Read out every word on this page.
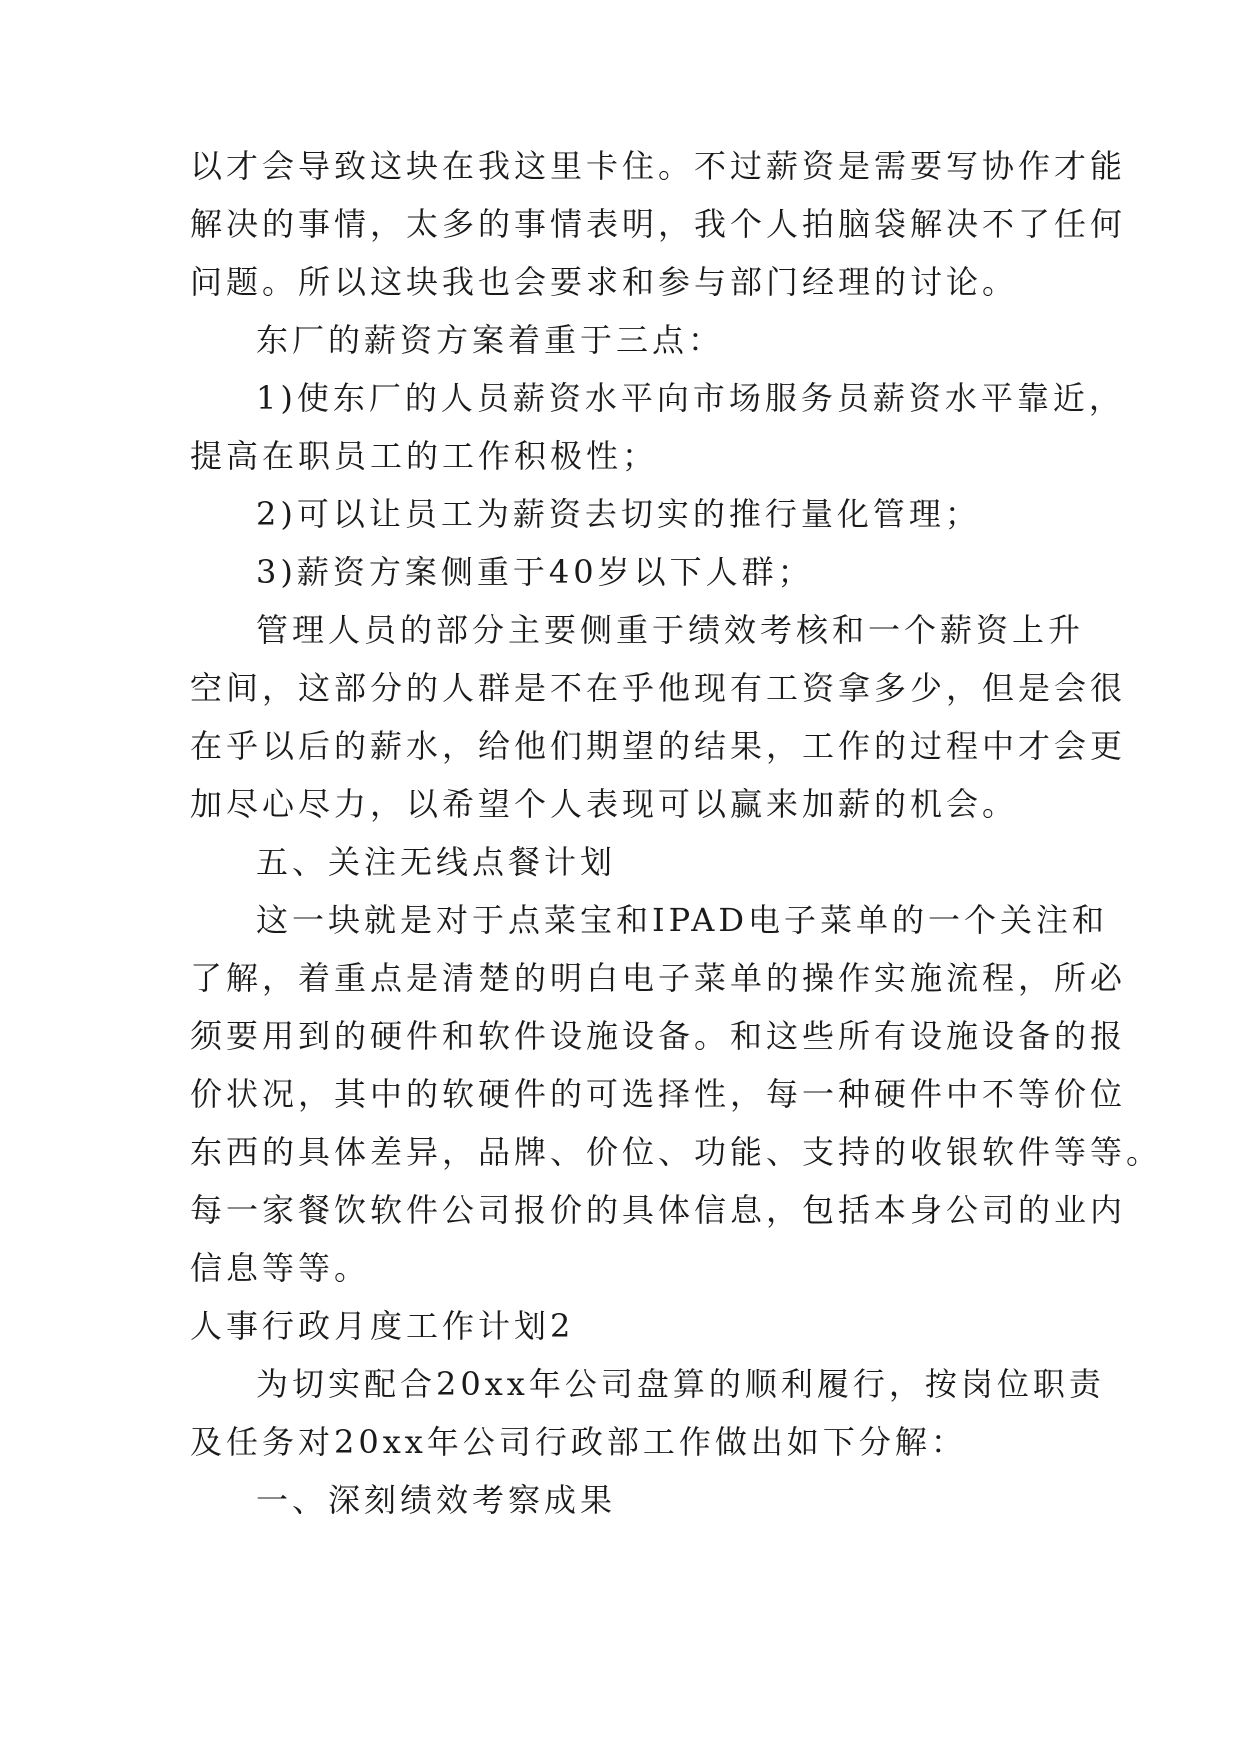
以才会导致这块在我这里卡住。不过薪资是需要写协作才能
解决的事情，太多的事情表明，我个人拍脑袋解决不了任何
问题。所以这块我也会要求和参与部门经理的讨论。
东厂的薪资方案着重于三点：
1)使东厂的人员薪资水平向市场服务员薪资水平靠近，
提高在职员工的工作积极性；
2)可以让员工为薪资去切实的推行量化管理；
3)薪资方案侧重于40岁以下人群；
管理人员的部分主要侧重于绩效考核和一个薪资上升
空间，这部分的人群是不在乎他现有工资拿多少，但是会很
在乎以后的薪水，给他们期望的结果，工作的过程中才会更
加尽心尽力，以希望个人表现可以赢来加薪的机会。
五、关注无线点餐计划
这一块就是对于点菜宝和IPAD电子菜单的一个关注和
了解，着重点是清楚的明白电子菜单的操作实施流程，所必
须要用到的硬件和软件设施设备。和这些所有设施设备的报
价状况，其中的软硬件的可选择性，每一种硬件中不等价位
东西的具体差异，品牌、价位、功能、支持的收银软件等等。
每一家餐饮软件公司报价的具体信息，包括本身公司的业内
信息等等。
人事行政月度工作计划2
为切实配合20xx年公司盘算的顺利履行，按岗位职责
及任务对20xx年公司行政部工作做出如下分解：
一、深刻绩效考察成果
